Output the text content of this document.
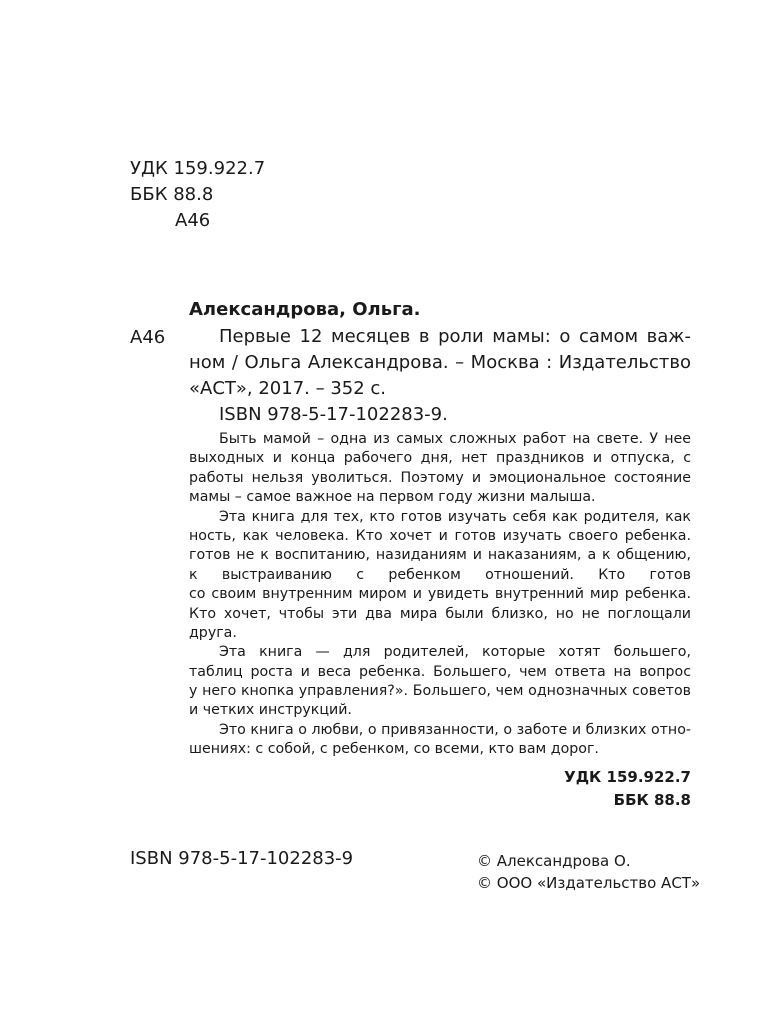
УДК 159.922.7
ББК 88.8
А46
Александрова, Ольга.
А46	Первые 12 месяцев в роли мамы: о самом важ-
ном / Ольга Александрова. – Москва : Издательство
«АСТ», 2017. – 352 с.
ISBN 978-5-17-102283-9.
Быть мамой – одна из самых сложных работ на свете. У нее
выходных и конца рабочего дня, нет праздников и отпуска, с
работы нельзя уволиться. Поэтому и эмоциональное состояние
мамы – самое важное на первом году жизни малыша.
Эта книга для тех, кто готов изучать себя как родителя, как
ность, как человека. Кто хочет и готов изучать своего ребенка.
готов не к воспитанию, назиданиям и наказаниям, а к общению,
к выстраиванию с ребенком отношений. Кто готов
со своим внутренним миром и увидеть внутренний мир ребенка.
Кто хочет, чтобы эти два мира были близко, но не поглощали
друга.
Эта книга — для родителей, которые хотят большего,
таблиц роста и веса ребенка. Большего, чем ответа на вопрос
у него кнопка управления?». Большего, чем однозначных советов
и четких инструкций.
Это книга о любви, о привязанности, о заботе и близких отно-
шениях: с собой, с ребенком, со всеми, кто вам дорог.
УДК 159.922.7
ББК 88.8
ISBN 978-5-17-102283-9	© Александрова О.
© ООО «Издательство АСТ»
